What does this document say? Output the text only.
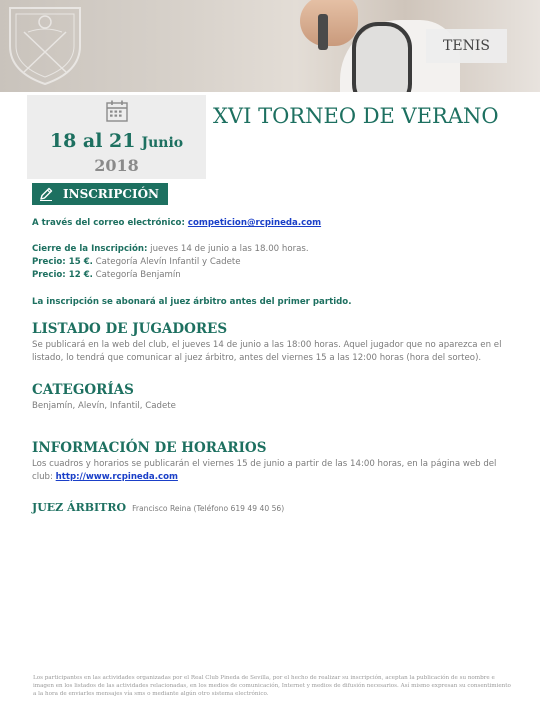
TENIS
18 al 21 Junio
2018
XVI TORNEO DE VERANO
INSCRIPCIÓN
A través del correo electrónico: competicion@rcpineda.com
Cierre de la Inscripción: jueves 14 de junio a las 18.00 horas.
Precio: 15 €. Categoría Alevín Infantil y Cadete
Precio: 12 €. Categoría Benjamín
La inscripción se abonará al juez árbitro antes del primer partido.
LISTADO DE JUGADORES
Se publicará en la web del club, el jueves 14 de junio a las 18:00 horas. Aquel jugador que no aparezca en el listado, lo tendrá que comunicar al juez árbitro, antes del viernes 15 a las 12:00 horas (hora del sorteo).
CATEGORÍAS
Benjamín, Alevín, Infantil, Cadete
INFORMACIÓN DE HORARIOS
Los cuadros y horarios se publicarán el viernes 15 de junio a partir de las 14:00 horas, en la página web del club: http://www.rcpineda.com
JUEZ ÁRBITRO Francisco Reina (Teléfono 619 49 40 56)
Los participantes en las actividades organizadas por el Real Club Pineda de Sevilla, por el hecho de realizar su inscripción, aceptan la publicación de su nombre e imagen en los listados de las actividades relacionadas, en los medios de comunicación, Internet y medios de difusión necesarios. Así mismo expresan su consentimiento a la hora de enviarles mensajes vía sms o mediante algún otro sistema electrónico.
